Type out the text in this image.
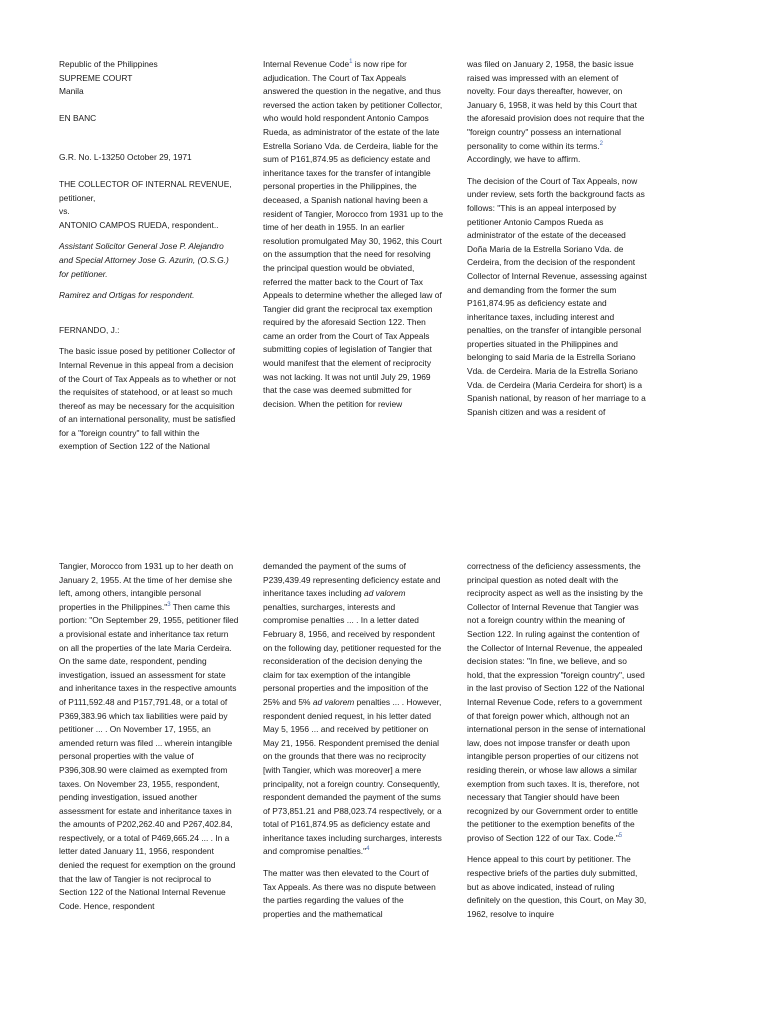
Republic of the Philippines
SUPREME COURT
Manila
EN BANC
G.R. No. L-13250 October 29, 1971
THE COLLECTOR OF INTERNAL REVENUE, petitioner,
vs.
ANTONIO CAMPOS RUEDA, respondent..

Assistant Solicitor General Jose P. Alejandro and Special Attorney Jose G. Azurin, (O.S.G.) for petitioner.

Ramirez and Ortigas for respondent.

FERNANDO, J.:

The basic issue posed by petitioner Collector of Internal Revenue in this appeal from a decision of the Court of Tax Appeals as to whether or not the requisites of statehood, or at least so much thereof as may be necessary for the acquisition of an international personality, must be satisfied for a "foreign country" to fall within the exemption of Section 122 of the National

Internal Revenue Code$^1$ is now ripe for adjudication. The Court of Tax Appeals answered the question in the negative, and thus reversed the action taken by petitioner Collector, who would hold respondent Antonio Campos Rueda, as administrator of the estate of the late Estrella Soriano Vda. de Cerdeira, liable for the sum of P161,874.95 as deficiency estate and inheritance taxes for the transfer of intangible personal properties in the Philippines, the deceased, a Spanish national having been a resident of Tangier, Morocco from 1931 up to the time of her death in 1955. In an earlier resolution promulgated May 30, 1962, this Court on the assumption that the need for resolving the principal question would be obviated, referred the matter back to the Court of Tax Appeals to determine whether the alleged law of Tangier did grant the reciprocal tax exemption required by the aforesaid Section 122. Then came an order from the Court of Tax Appeals submitting copies of legislation of Tangier that would manifest that the element of reciprocity was not lacking. It was not until July 29, 1969 that the case was deemed submitted for decision. When the petition for review

was filed on January 2, 1958, the basic issue raised was impressed with an element of novelty. Four days thereafter, however, on January 6, 1958, it was held by this Court that the aforesaid provision does not require that the "foreign country" possess an international personality to come within its terms.$^2$ Accordingly, we have to affirm.

The decision of the Court of Tax Appeals, now under review, sets forth the background facts as follows: "This is an appeal interposed by petitioner Antonio Campos Rueda as administrator of the estate of the deceased Doña Maria de la Estrella Soriano Vda. de Cerdeira, from the decision of the respondent Collector of Internal Revenue, assessing against and demanding from the former the sum P161,874.95 as deficiency estate and inheritance taxes, including interest and penalties, on the transfer of intangible personal properties situated in the Philippines and belonging to said Maria de la Estrella Soriano Vda. de Cerdeira. Maria de la Estrella Soriano Vda. de Cerdeira (Maria Cerdeira for short) is a Spanish national, by reason of her marriage to a Spanish citizen and was a resident of

Tangier, Morocco from 1931 up to her death on January 2, 1955. At the time of her demise she left, among others, intangible personal properties in the Philippines."$^3$ Then came this portion: "On September 29, 1955, petitioner filed a provisional estate and inheritance tax return on all the properties of the late Maria Cerdeira. On the same date, respondent, pending investigation, issued an assessment for state and inheritance taxes in the respective amounts of P111,592.48 and P157,791.48, or a total of P369,383.96 which tax liabilities were paid by petitioner ... . On November 17, 1955, an amended return was filed ... wherein intangible personal properties with the value of P396,308.90 were claimed as exempted from taxes. On November 23, 1955, respondent, pending investigation, issued another assessment for estate and inheritance taxes in the amounts of P202,262.40 and P267,402.84, respectively, or a total of P469,665.24 ... . In a letter dated January 11, 1956, respondent denied the request for exemption on the ground that the law of Tangier is not reciprocal to Section 122 of the National Internal Revenue Code. Hence, respondent

demanded the payment of the sums of P239,439.49 representing deficiency estate and inheritance taxes including ad valorem penalties, surcharges, interests and compromise penalties ... . In a letter dated February 8, 1956, and received by respondent on the following day, petitioner requested for the reconsideration of the decision denying the claim for tax exemption of the intangible personal properties and the imposition of the 25% and 5% ad valorem penalties ... . However, respondent denied request, in his letter dated May 5, 1956 ... and received by petitioner on May 21, 1956. Respondent premised the denial on the grounds that there was no reciprocity [with Tangier, which was moreover] a mere principality, not a foreign country. Consequently, respondent demanded the payment of the sums of P73,851.21 and P88,023.74 respectively, or a total of P161,874.95 as deficiency estate and inheritance taxes including surcharges, interests and compromise penalties."$^4$

The matter was then elevated to the Court of Tax Appeals. As there was no dispute between the parties regarding the values of the properties and the mathematical

correctness of the deficiency assessments, the principal question as noted dealt with the reciprocity aspect as well as the insisting by the Collector of Internal Revenue that Tangier was not a foreign country within the meaning of Section 122. In ruling against the contention of the Collector of Internal Revenue, the appealed decision states: "In fine, we believe, and so hold, that the expression "foreign country", used in the last proviso of Section 122 of the National Internal Revenue Code, refers to a government of that foreign power which, although not an international person in the sense of international law, does not impose transfer or death upon intangible person properties of our citizens not residing therein, or whose law allows a similar exemption from such taxes. It is, therefore, not necessary that Tangier should have been recognized by our Government order to entitle the petitioner to the exemption benefits of the proviso of Section 122 of our Tax. Code."$^5$

Hence appeal to this court by petitioner. The respective briefs of the parties duly submitted, but as above indicated, instead of ruling definitely on the question, this Court, on May 30, 1962, resolve to inquire
